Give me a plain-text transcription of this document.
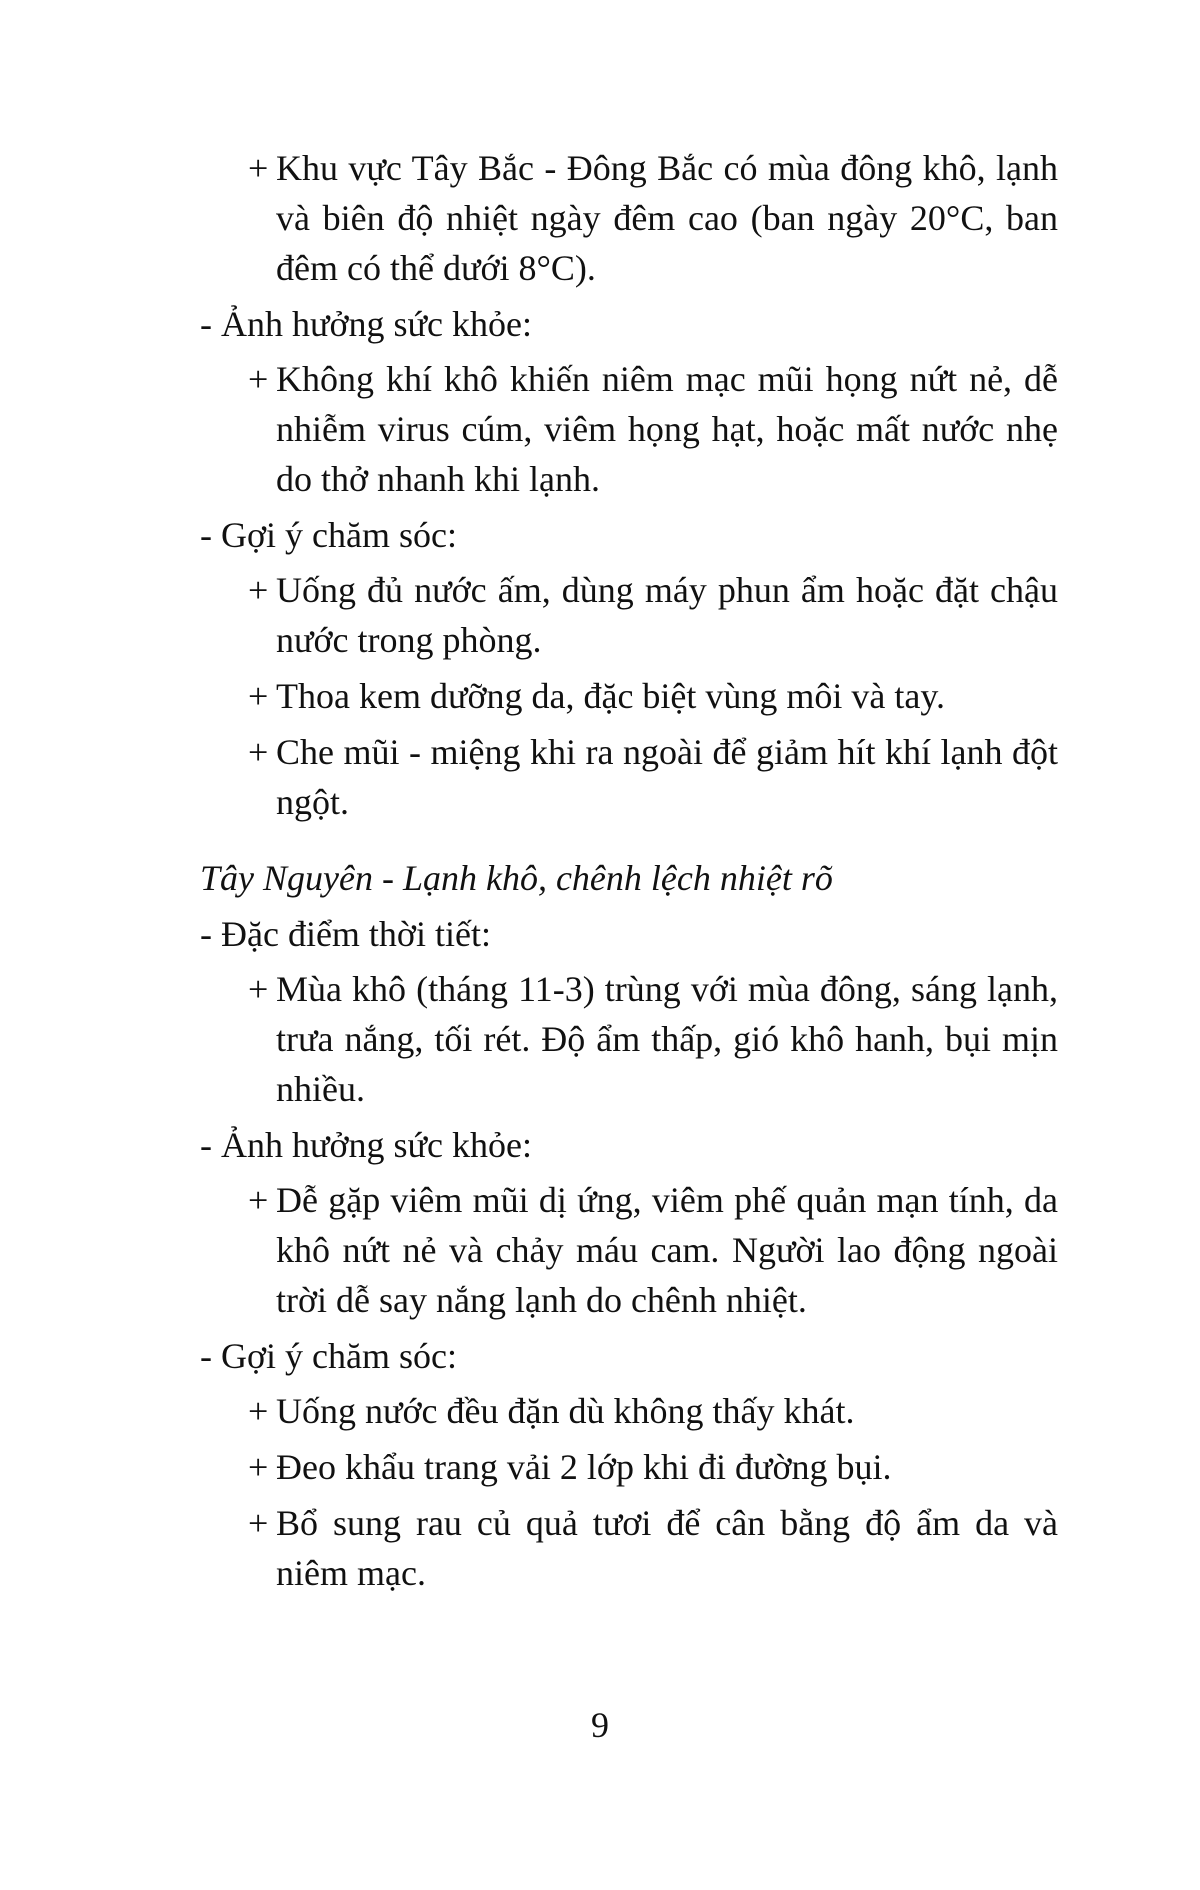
+ Khu vực Tây Bắc - Đông Bắc có mùa đông khô, lạnh và biên độ nhiệt ngày đêm cao (ban ngày 20°C, ban đêm có thể dưới 8°C).
- Ảnh hưởng sức khỏe:
+ Không khí khô khiến niêm mạc mũi họng nứt nẻ, dễ nhiễm virus cúm, viêm họng hạt, hoặc mất nước nhẹ do thở nhanh khi lạnh.
- Gợi ý chăm sóc:
+ Uống đủ nước ấm, dùng máy phun ẩm hoặc đặt chậu nước trong phòng.
+ Thoa kem dưỡng da, đặc biệt vùng môi và tay.
+ Che mũi - miệng khi ra ngoài để giảm hít khí lạnh đột ngột.
Tây Nguyên - Lạnh khô, chênh lệch nhiệt rõ
- Đặc điểm thời tiết:
+ Mùa khô (tháng 11-3) trùng với mùa đông, sáng lạnh, trưa nắng, tối rét. Độ ẩm thấp, gió khô hanh, bụi mịn nhiều.
- Ảnh hưởng sức khỏe:
+ Dễ gặp viêm mũi dị ứng, viêm phế quản mạn tính, da khô nứt nẻ và chảy máu cam. Người lao động ngoài trời dễ say nắng lạnh do chênh nhiệt.
- Gợi ý chăm sóc:
+ Uống nước đều đặn dù không thấy khát.
+ Đeo khẩu trang vải 2 lớp khi đi đường bụi.
+ Bổ sung rau củ quả tươi để cân bằng độ ẩm da và niêm mạc.
9
